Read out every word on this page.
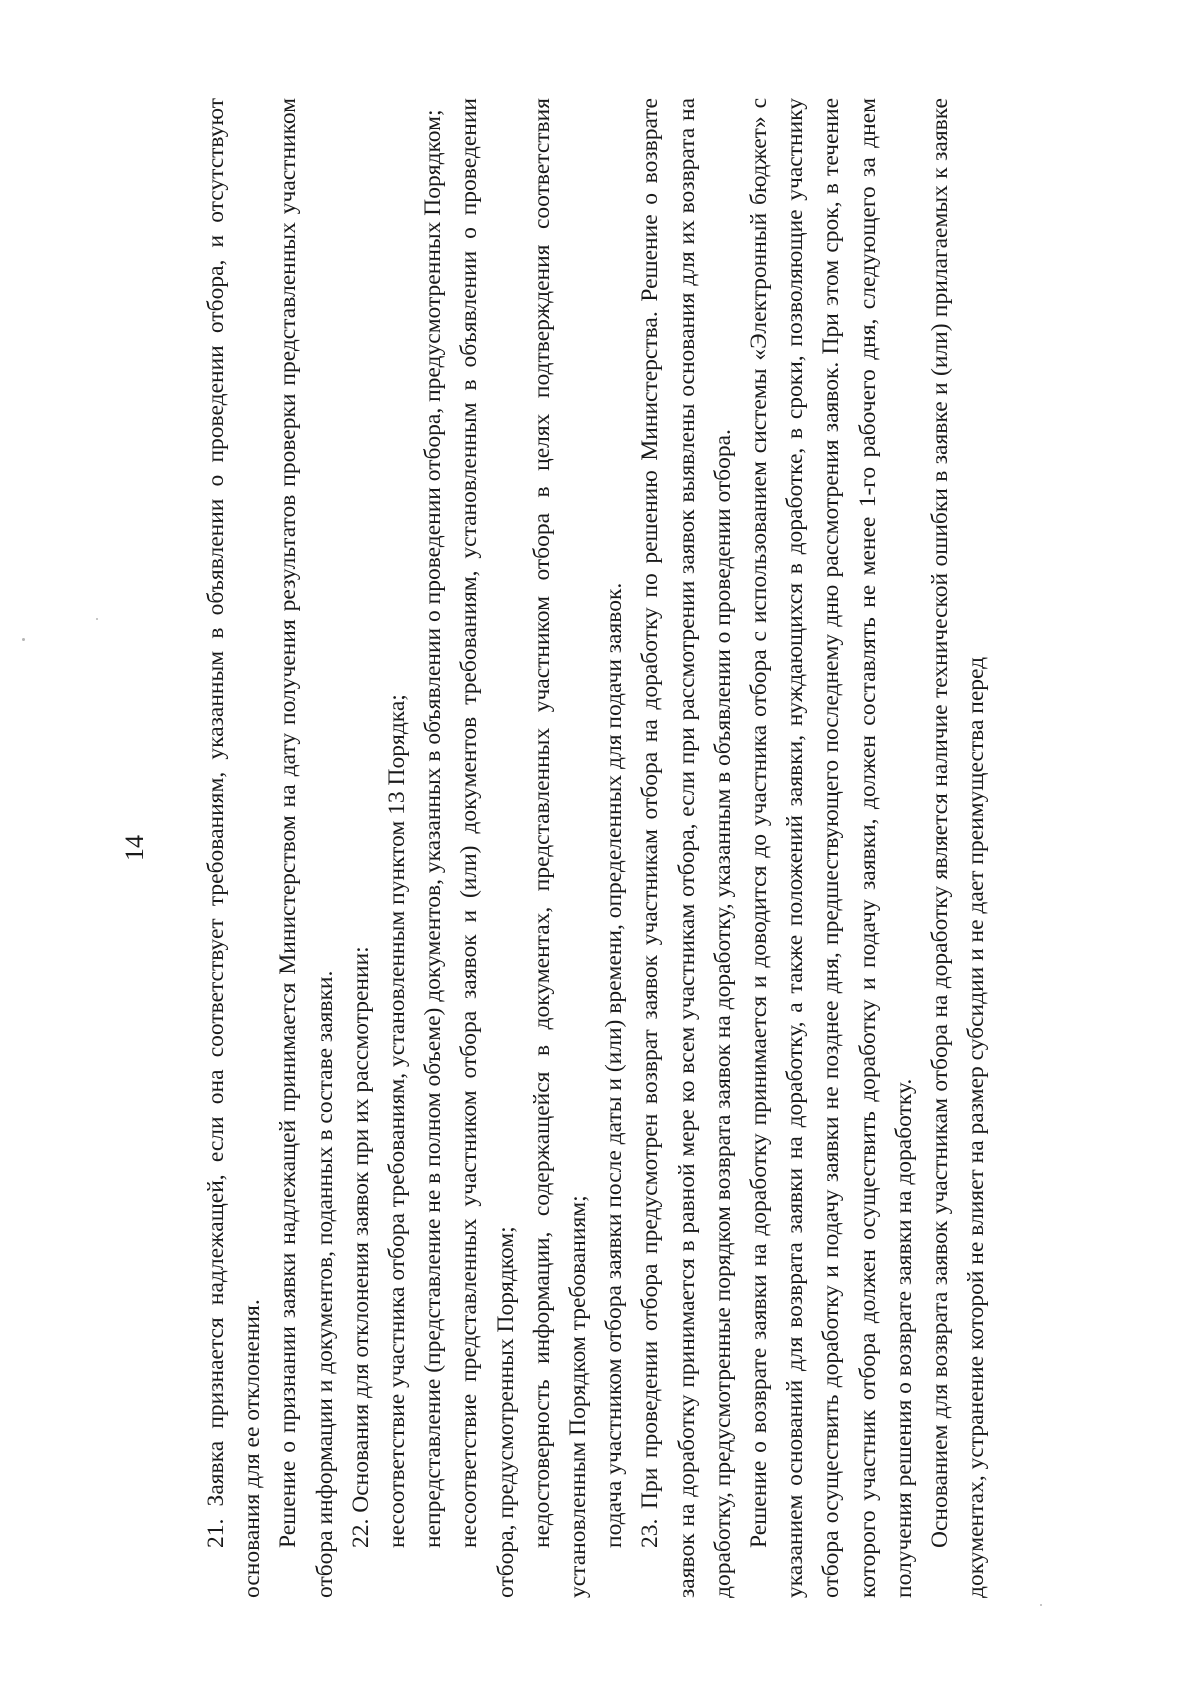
14 21. Заявка признается надлежащей, если она соответствует требованиям, указанным в объявлении о проведении отбора, и отсутствуют основания для ее отклонения. Решение о признании заявки надлежащей принимается Министерством на дату получения результатов проверки представленных участником отбора информации и документов, поданных в составе заявки. 22. Основания для отклонения заявок при их рассмотрении: несоответствие участника отбора требованиям, установленным пунктом 13 Порядка; непредставление (представление не в полном объеме) документов, указанных в объявлении о проведении отбора, предусмотренных Порядком; несоответствие представленных участником отбора заявок и (или) документов требованиям, установленным в объявлении о проведении отбора, предусмотренных Порядком; недостоверность информации, содержащейся в документах, представленных участником отбора в целях подтверждения соответствия установленным Порядком требованиям; подача участником отбора заявки после даты и (или) времени, определенных для подачи заявок. 23. При проведении отбора предусмотрен возврат заявок участникам отбора на доработку по решению Министерства. Решение о возврате заявок на доработку принимается в равной мере ко всем участникам отбора, если при рассмотрении заявок выявлены основания для их возврата на доработку, предусмотренные порядком возврата заявок на доработку, указанным в объявлении о проведении отбора. Решение о возврате заявки на доработку принимается и доводится до участника отбора с использованием системы «Электронный бюджет» с указанием оснований для возврата заявки на доработку, а также положений заявки, нуждающихся в доработке, в сроки, позволяющие участнику отбора осуществить доработку и подачу заявки не позднее дня, предшествующего последнему дню рассмотрения заявок. При этом срок, в течение которого участник отбора должен осуществить доработку и подачу заявки, должен составлять не менее 1-го рабочего дня, следующего за днем получения решения о возврате заявки на доработку. Основанием для возврата заявок участникам отбора на доработку является наличие технической ошибки в заявке и (или) прилагаемых к заявке документах, устранение которой не влияет на размер субсидии и не дает преимущества перед
